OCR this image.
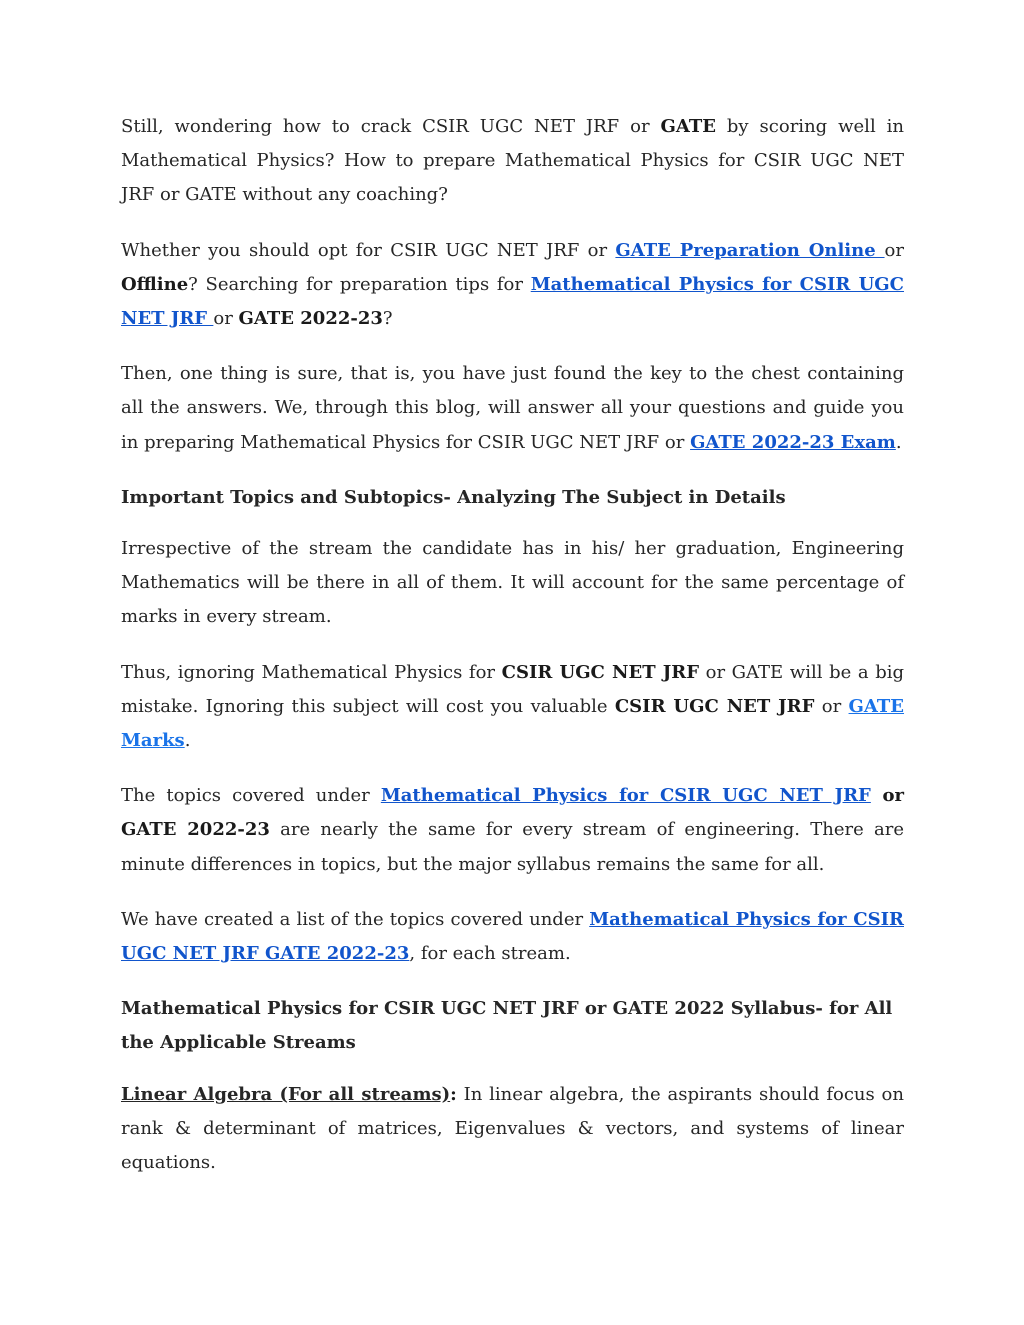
Still, wondering how to crack CSIR UGC NET JRF or GATE by scoring well in Mathematical Physics? How to prepare Mathematical Physics for CSIR UGC NET JRF or GATE without any coaching?

Whether you should opt for CSIR UGC NET JRF or GATE Preparation Online or Offline? Searching for preparation tips for Mathematical Physics for CSIR UGC NET JRF or GATE 2022-23?

Then, one thing is sure, that is, you have just found the key to the chest containing all the answers. We, through this blog, will answer all your questions and guide you in preparing Mathematical Physics for CSIR UGC NET JRF or GATE 2022-23 Exam.

Important Topics and Subtopics- Analyzing The Subject in Details

Irrespective of the stream the candidate has in his/ her graduation, Engineering Mathematics will be there in all of them. It will account for the same percentage of marks in every stream.

Thus, ignoring Mathematical Physics for CSIR UGC NET JRF or GATE will be a big mistake. Ignoring this subject will cost you valuable CSIR UGC NET JRF or GATE Marks.

The topics covered under Mathematical Physics for CSIR UGC NET JRF or GATE 2022-23 are nearly the same for every stream of engineering. There are minute differences in topics, but the major syllabus remains the same for all.

We have created a list of the topics covered under Mathematical Physics for CSIR UGC NET JRF GATE 2022-23, for each stream.

Mathematical Physics for CSIR UGC NET JRF or GATE 2022 Syllabus- for All the Applicable Streams

Linear Algebra (For all streams): In linear algebra, the aspirants should focus on rank & determinant of matrices, Eigenvalues & vectors, and systems of linear equations.
